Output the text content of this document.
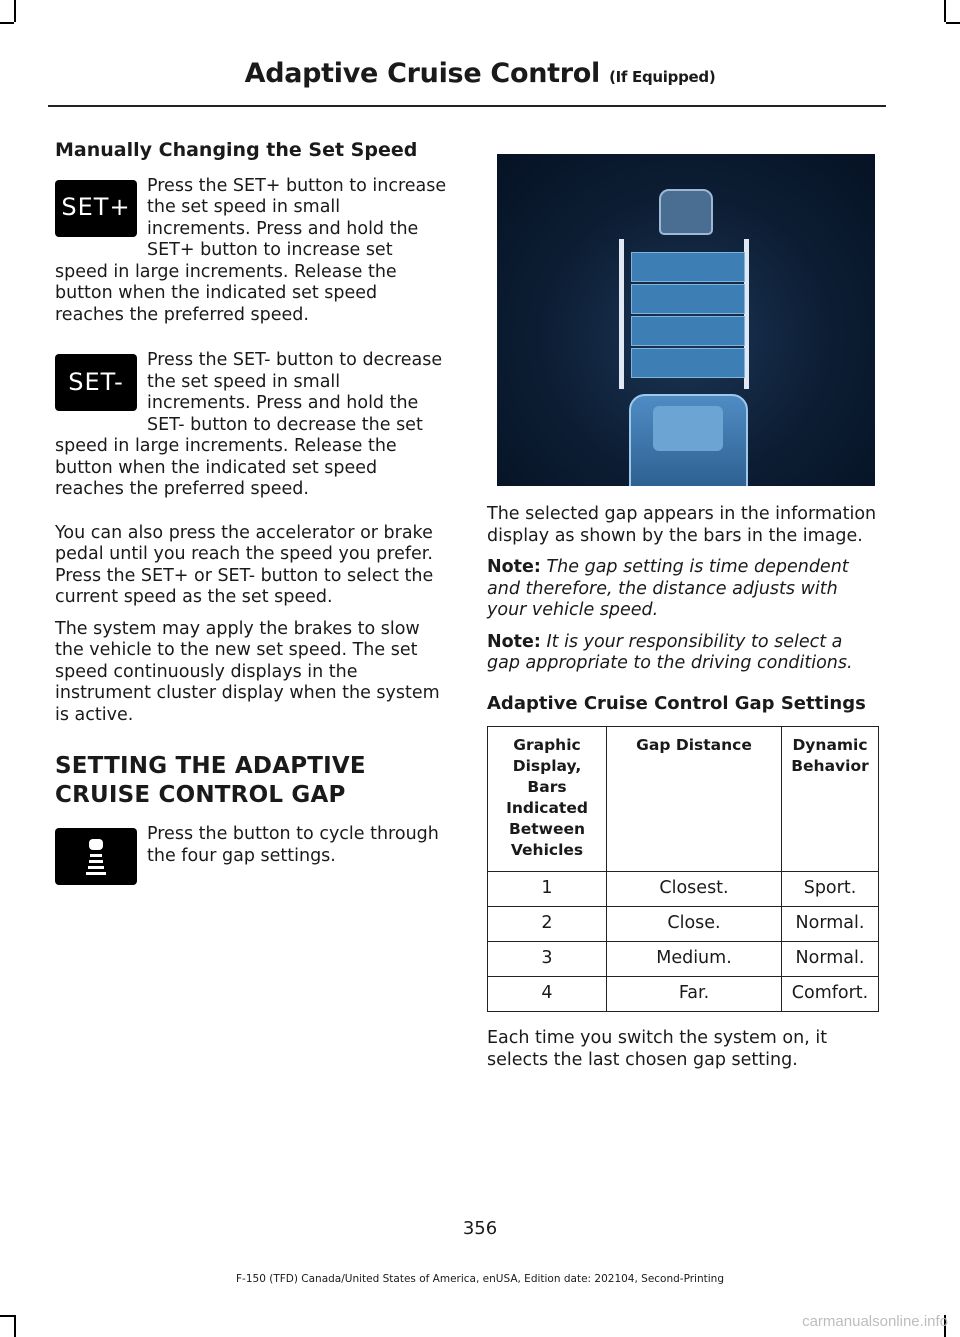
Adaptive Cruise Control (If Equipped)
Manually Changing the Set Speed
SET+

Press the SET+ button to increase the set speed in small increments. Press and hold the SET+ button to increase set speed in large increments. Release the button when the indicated set speed reaches the preferred speed.

SET-

Press the SET- button to decrease the set speed in small increments. Press and hold the SET- button to decrease the set speed in large increments. Release the button when the indicated set speed reaches the preferred speed.

You can also press the accelerator or brake pedal until you reach the speed you prefer. Press the SET+ or SET- button to select the current speed as the set speed.

The system may apply the brakes to slow the vehicle to the new set speed. The set speed continuously displays in the instrument cluster display when the system is active.

SETTING THE ADAPTIVE CRUISE CONTROL GAP

Press the button to cycle through the four gap settings.

The selected gap appears in the information display as shown by the bars in the image.

Note: The gap setting is time dependent and therefore, the distance adjusts with your vehicle speed.

Note: It is your responsibility to select a gap appropriate to the driving conditions.

Adaptive Cruise Control Gap Settings
Graphic Display, Bars Indicated Between Vehicles	Gap Distance	Dynamic Behavior
1	Closest.	Sport.
2	Close.	Normal.
3	Medium.	Normal.
4	Far.	Comfort.

Each time you switch the system on, it selects the last chosen gap setting.

356
F-150 (TFD) Canada/United States of America, enUSA, Edition date: 202104, Second-Printing
carmanualsonline.info
